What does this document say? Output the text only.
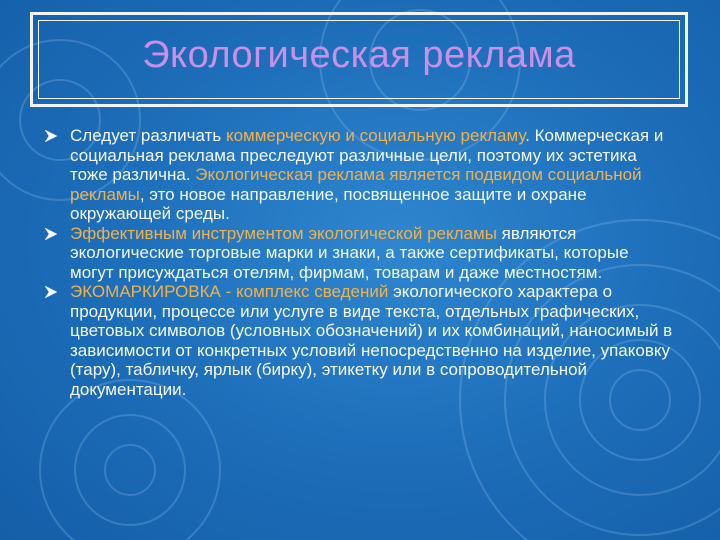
Экологическая реклама
Следует различать коммерческую и социальную рекламу. Коммерческая и социальная реклама преследуют различные цели, поэтому их эстетика тоже различна. Экологическая реклама является подвидом социальной рекламы, это новое направление, посвященное защите и охране окружающей среды.
Эффективным инструментом экологической рекламы являются экологические торговые марки и знаки, а также сертификаты, которые могут присуждаться отелям, фирмам, товарам и даже местностям.
ЭКОМАРКИРОВКА - комплекс сведений экологического характера о продукции, процессе или услуге в виде текста, отдельных графических, цветовых символов (условных обозначений) и их комбинаций, наносимый в зависимости от конкретных условий непосредственно на изделие, упаковку (тару), табличку, ярлык (бирку), этикетку или в сопроводительной документации.
